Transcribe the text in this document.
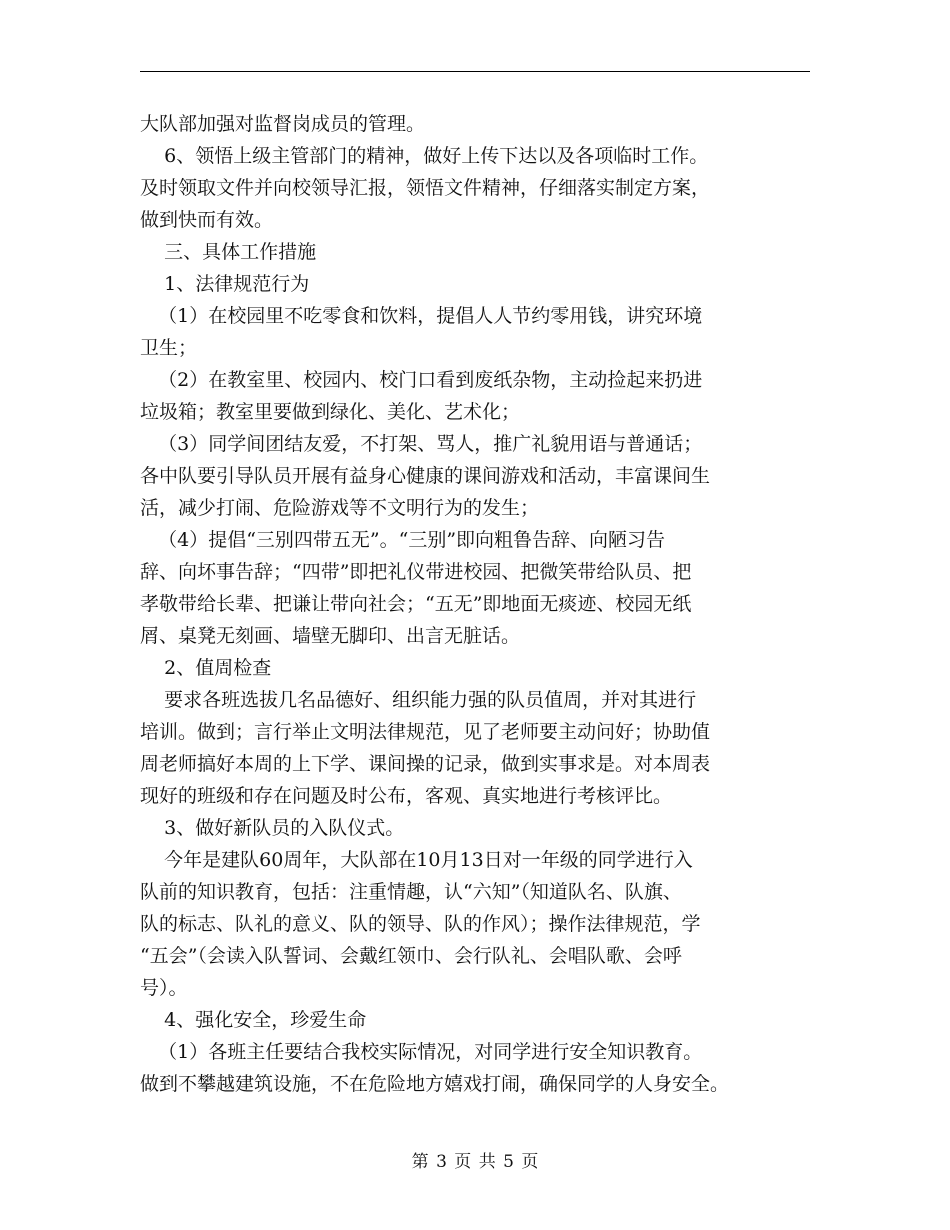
大队部加强对监督岗成员的管理。

6、领悟上级主管部门的精神，做好上传下达以及各项临时工作。

及时领取文件并向校领导汇报，领悟文件精神，仔细落实制定方案，

做到快而有效。

三、具体工作措施

1、法律规范行为

（1）在校园里不吃零食和饮料，提倡人人节约零用钱，讲究环境

卫生；

（2）在教室里、校园内、校门口看到废纸杂物，主动捡起来扔进

垃圾箱；教室里要做到绿化、美化、艺术化；

（3）同学间团结友爱，不打架、骂人，推广礼貌用语与普通话；

各中队要引导队员开展有益身心健康的课间游戏和活动，丰富课间生

活，减少打闹、危险游戏等不文明行为的发生；

（4）提倡“三别四带五无”。“三别”即向粗鲁告辞、向陋习告

辞、向坏事告辞；“四带”即把礼仪带进校园、把微笑带给队员、把

孝敬带给长辈、把谦让带向社会；“五无”即地面无痰迹、校园无纸

屑、桌凳无刻画、墙壁无脚印、出言无脏话。

2、值周检查

要求各班选拔几名品德好、组织能力强的队员值周，并对其进行

培训。做到；言行举止文明法律规范，见了老师要主动问好；协助值

周老师搞好本周的上下学、课间操的记录，做到实事求是。对本周表

现好的班级和存在问题及时公布，客观、真实地进行考核评比。

3、做好新队员的入队仪式。

今年是建队60周年，大队部在10月13日对一年级的同学进行入

队前的知识教育，包括：注重情趣，认“六知”（知道队名、队旗、

队的标志、队礼的意义、队的领导、队的作风）；操作法律规范，学

“五会”（会读入队誓词、会戴红领巾、会行队礼、会唱队歌、会呼

号）。

4、强化安全，珍爱生命

（1）各班主任要结合我校实际情况，对同学进行安全知识教育。

做到不攀越建筑设施，不在危险地方嬉戏打闹，确保同学的人身安全。

第 3 页 共 5 页
